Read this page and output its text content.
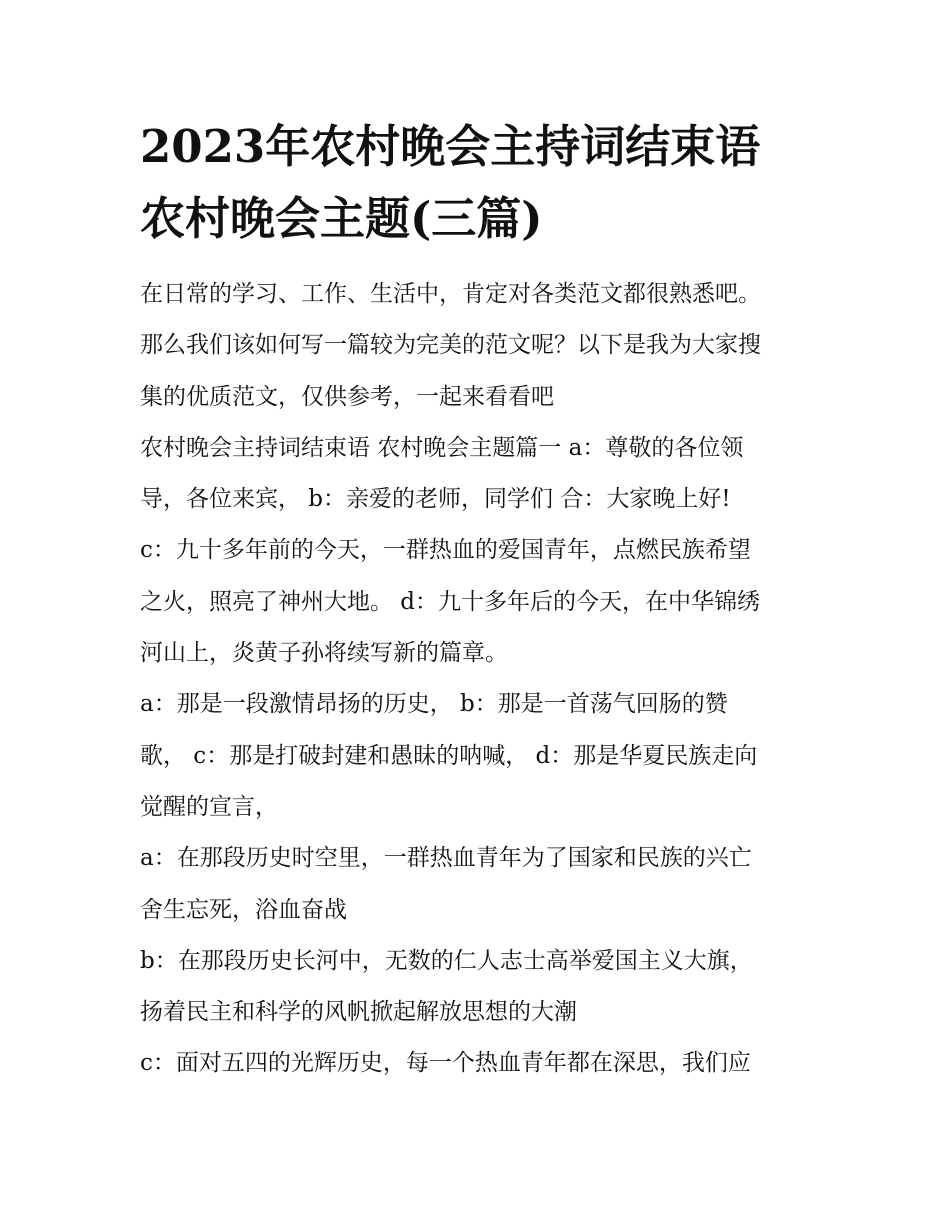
2023年农村晚会主持词结束语
农村晚会主题(三篇)

在日常的学习、工作、生活中，肯定对各类范文都很熟悉吧。
那么我们该如何写一篇较为完美的范文呢？以下是我为大家搜
集的优质范文，仅供参考，一起来看看吧

农村晚会主持词结束语 农村晚会主题篇一 a：尊敬的各位领
导，各位来宾， b：亲爱的老师，同学们 合：大家晚上好!
c：九十多年前的今天，一群热血的爱国青年，点燃民族希望
之火，照亮了神州大地。 d：九十多年后的今天，在中华锦绣
河山上，炎黄子孙将续写新的篇章。

a：那是一段激情昂扬的历史， b：那是一首荡气回肠的赞
歌， c：那是打破封建和愚昧的呐喊， d：那是华夏民族走向
觉醒的宣言，

a：在那段历史时空里，一群热血青年为了国家和民族的兴亡
舍生忘死，浴血奋战

b：在那段历史长河中，无数的仁人志士高举爱国主义大旗，
扬着民主和科学的风帆掀起解放思想的大潮

c：面对五四的光辉历史，每一个热血青年都在深思，我们应
